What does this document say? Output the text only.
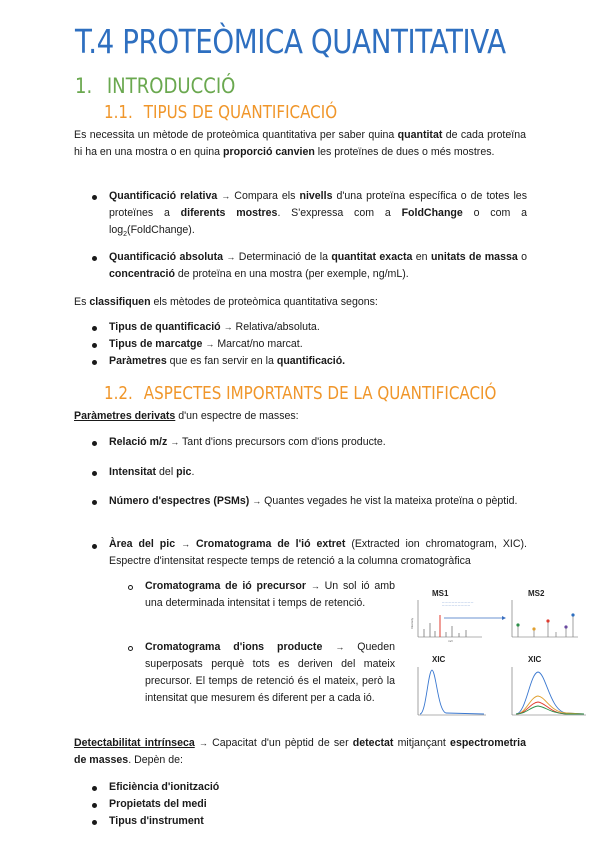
T.4 PROTEÒMICA QUANTITATIVA
1. INTRODUCCIÓ
1.1. TIPUS DE QUANTIFICACIÓ
Es necessita un mètode de proteòmica quantitativa per saber quina quantitat de cada proteïna hi ha en una mostra o en quina proporció canvien les proteïnes de dues o més mostres.
Quantificació relativa → Compara els nivells d'una proteïna específica o de totes les proteïnes a diferents mostres. S'expressa com a FoldChange o com a $\log_2(FoldChange)$.
Quantificació absoluta → Determinació de la quantitat exacta en unitats de massa o concentració de proteïna en una mostra (per exemple, ng/mL).
Es classifiquen els mètodes de proteòmica quantitativa segons:
Tipus de quantificació → Relativa/absoluta.
Tipus de marcatge → Marcat/no marcat.
Paràmetres que es fan servir en la quantificació.
1.2. ASPECTES IMPORTANTS DE LA QUANTIFICACIÓ
Paràmetres derivats d'un espectre de masses:
Relació m/z → Tant d'ions precursors com d'ions producte.
Intensitat del pic.
Número d'espectres (PSMs) → Quantes vegades he vist la mateixa proteïna o pèptid.
Àrea del pic → Cromatograma de l'ió extret (Extracted ion chromatogram, XIC). Espectre d'intensitat respecte temps de retenció a la columna cromatogràfica
Cromatograma de ió precursor → Un sol ió amb una determinada intensitat i temps de retenció.
Cromatograma d'ions producte → Queden superposats perquè tots es deriven del mateix precursor. El temps de retenció és el mateix, però la intensitat que mesurem és diferent per a cada ió.
MS1
Intensity
m/z
— — — — — — — — — —
— — — — — — — — —
MS2
XIC	XIC
Detectabilitat intrínseca → Capacitat d'un pèptid de ser detectat mitjançant espectrometria de masses. Depèn de:
Eficiència d'ionització
Propietats del medi
Tipus d'instrument
